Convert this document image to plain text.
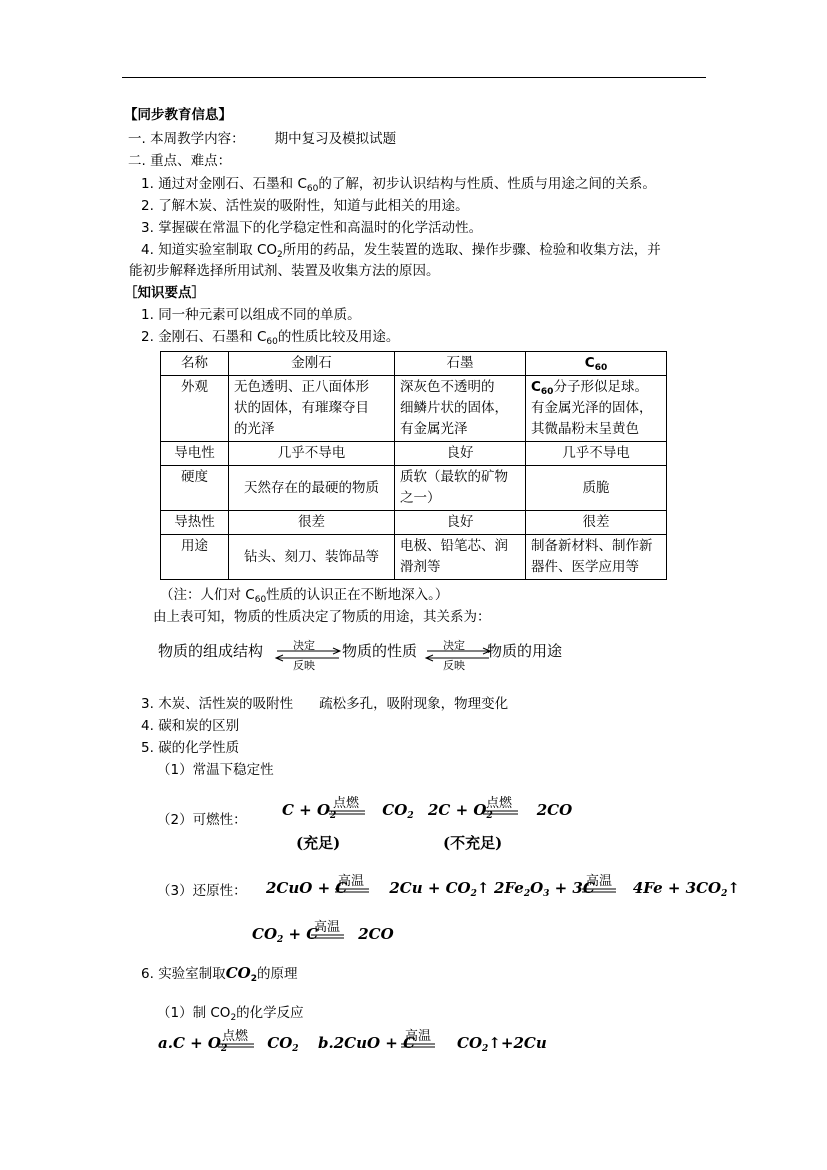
【同步教育信息】
一. 本周教学内容： 期中复习及模拟试题
二. 重点、难点：
1. 通过对金刚石、石墨和 $C_{60}$的了解，初步认识结构与性质、性质与用途之间的关系。
2. 了解木炭、活性炭的吸附性，知道与此相关的用途。
3. 掌握碳在常温下的化学稳定性和高温时的化学活动性。
4. 知道实验室制取 $CO_2$所用的药品，发生装置的选取、操作步骤、检验和收集方法，并
能初步解释选择所用试剂、装置及收集方法的原因。
［知识要点］
1. 同一种元素可以组成不同的单质。
2. 金刚石、石墨和 $C_{60}$的性质比较及用途。
名称	金刚石	石墨	$C_{60}$
外观	无色透明、正八面体形
状的固体，有璀璨夺目
的光泽	深灰色不透明的
细鳞片状的固体，
有金属光泽	$C_{60}$分子形似足球。
有金属光泽的固体，
其微晶粉末呈黄色
导电性	几乎不导电	良好	几乎不导电
硬度	天然存在的最硬的物质	质软（最软的矿物
之一）	质脆
导热性	很差	良好	很差
用途	钻头、刻刀、装饰品等	电极、铅笔芯、润
滑剂等	制备新材料、制作新
器件、医学应用等
（注：人们对 $C_{60}$性质的认识正在不断地深入。）
由上表可知，物质的性质决定了物质的用途，其关系为：
物质的组成结构	物质的性质	物质的用途
决定
反映
决定
反映
3. 木炭、活性炭的吸附性 疏松多孔，吸附现象，物理变化
4. 碳和炭的区别
5. 碳的化学性质
（1）常温下稳定性
（2）可燃性：
$C + O_2$	$CO_2$
点燃	$2C + O_2$	2CO
点燃
(充足)	(不充足)
（3）还原性： 2CuO + C	$2Cu + CO_2↑$
高温	$2Fe_2O_3 + 3C$	$4Fe + 3CO_2↑$
高温
$CO_2 + C$	2CO
高温
6. 实验室制取$CO_2$的原理
（1）制 $CO_2$的化学反应
$a.C + O_2$	$CO_2$
点燃	b.2CuO + C	$CO_2↑+2Cu$
高温
